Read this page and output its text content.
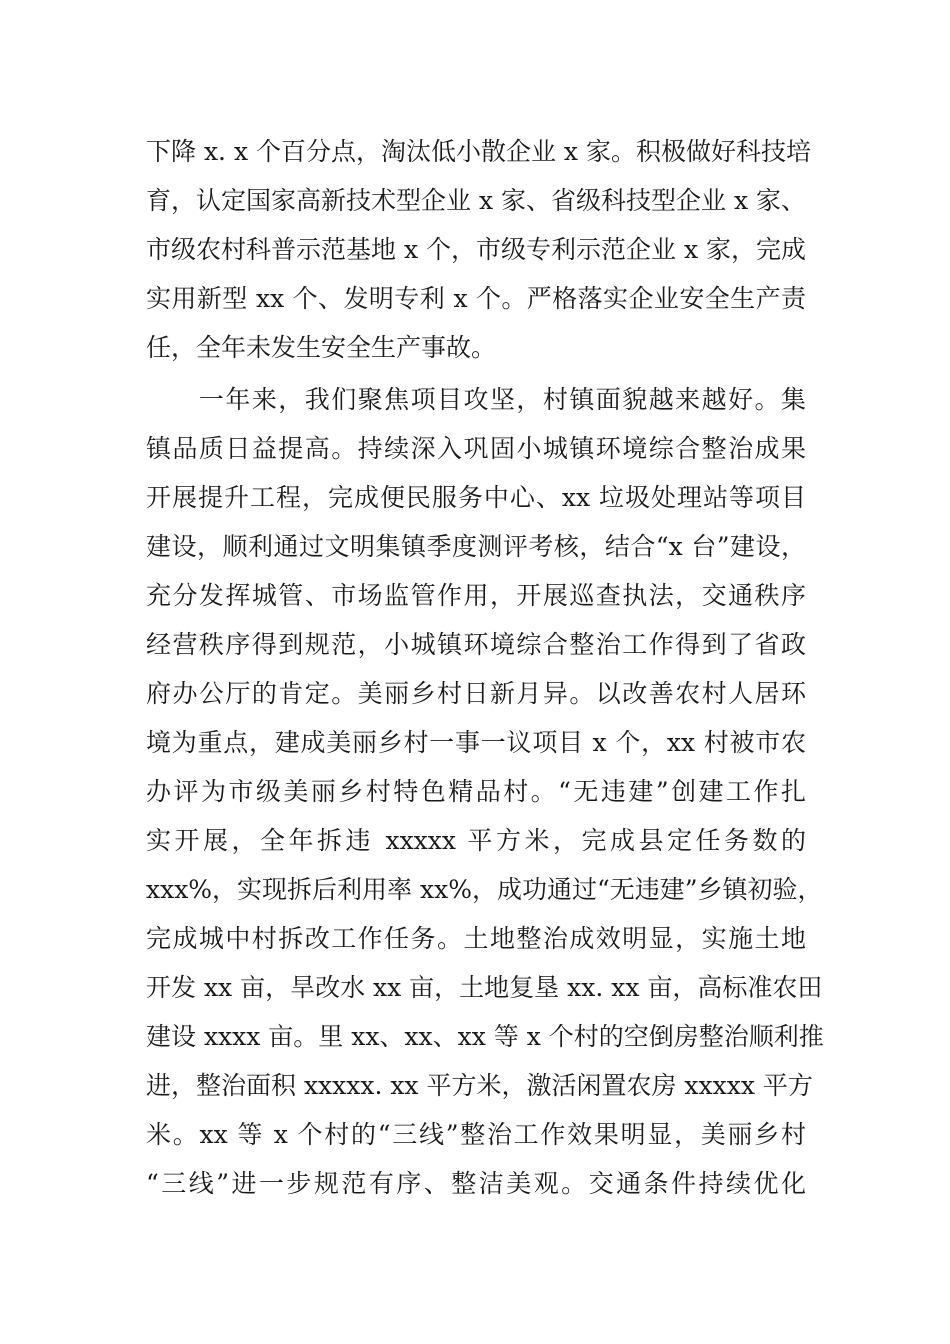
下降 x. x 个百分点，淘汰低小散企业 x 家。积极做好科技培
育，认定国家高新技术型企业 x 家、省级科技型企业 x 家、
市级农村科普示范基地 x 个，市级专利示范企业 x 家，完成
实用新型 xx 个、发明专利 x 个。严格落实企业安全生产责
任，全年未发生安全生产事故。
　　一年来，我们聚焦项目攻坚，村镇面貌越来越好。集
镇品质日益提高。持续深入巩固小城镇环境综合整治成果
开展提升工程，完成便民服务中心、xx 垃圾处理站等项目
建设，顺利通过文明集镇季度测评考核，结合“x 台”建设，
充分发挥城管、市场监管作用，开展巡查执法，交通秩序
经营秩序得到规范，小城镇环境综合整治工作得到了省政
府办公厅的肯定。美丽乡村日新月异。以改善农村人居环
境为重点，建成美丽乡村一事一议项目 x 个，xx 村被市农
办评为市级美丽乡村特色精品村。“无违建”创建工作扎
实开展，全年拆违 xxxxx 平方米，完成县定任务数的
xxx%，实现拆后利用率 xx%，成功通过“无违建”乡镇初验，
完成城中村拆改工作任务。土地整治成效明显，实施土地
开发 xx 亩，旱改水 xx 亩，土地复垦 xx. xx 亩，高标准农田
建设 xxxx 亩。里 xx、xx、xx 等 x 个村的空倒房整治顺利推
进，整治面积 xxxxx. xx 平方米，激活闲置农房 xxxxx 平方
米。xx 等 x 个村的“三线”整治工作效果明显，美丽乡村
“三线”进一步规范有序、整洁美观。交通条件持续优化
